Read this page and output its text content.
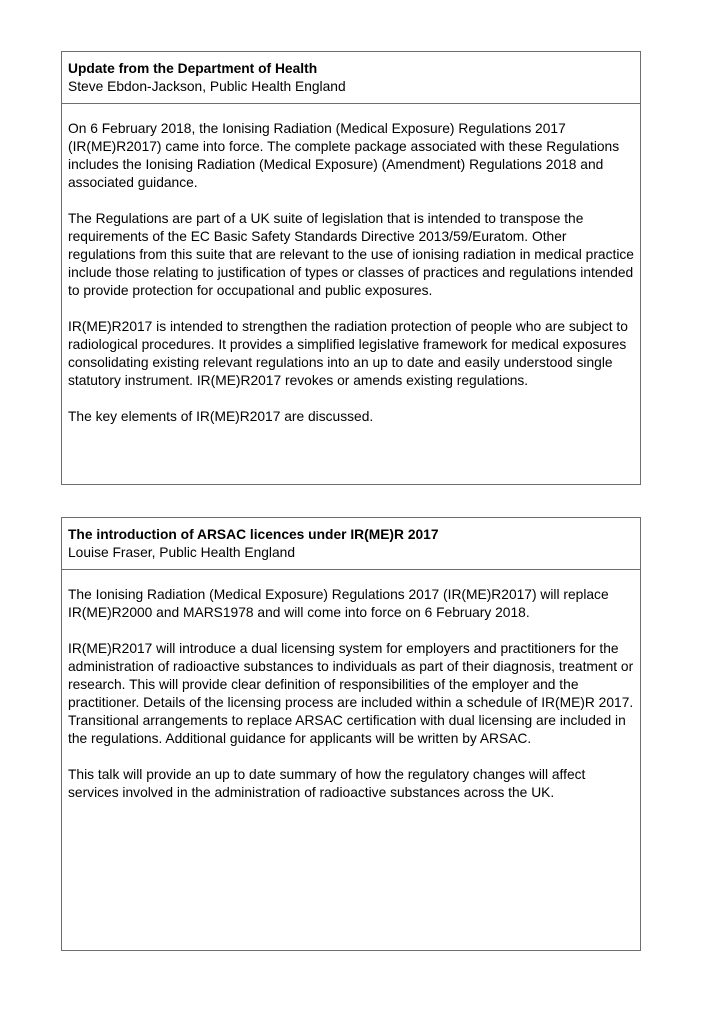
Update from the Department of Health
Steve Ebdon-Jackson, Public Health England

On 6 February 2018, the Ionising Radiation (Medical Exposure) Regulations 2017 (IR(ME)R2017) came into force. The complete package associated with these Regulations includes the Ionising Radiation (Medical Exposure) (Amendment) Regulations 2018 and associated guidance.

The Regulations are part of a UK suite of legislation that is intended to transpose the requirements of the EC Basic Safety Standards Directive 2013/59/Euratom. Other regulations from this suite that are relevant to the use of ionising radiation in medical practice include those relating to justification of types or classes of practices and regulations intended to provide protection for occupational and public exposures.

IR(ME)R2017 is intended to strengthen the radiation protection of people who are subject to radiological procedures. It provides a simplified legislative framework for medical exposures consolidating existing relevant regulations into an up to date and easily understood single statutory instrument. IR(ME)R2017 revokes or amends existing regulations.

The key elements of IR(ME)R2017 are discussed.

The introduction of ARSAC licences under IR(ME)R 2017
Louise Fraser, Public Health England

The Ionising Radiation (Medical Exposure) Regulations 2017 (IR(ME)R2017) will replace IR(ME)R2000 and MARS1978 and will come into force on 6 February 2018.

IR(ME)R2017 will introduce a dual licensing system for employers and practitioners for the administration of radioactive substances to individuals as part of their diagnosis, treatment or research. This will provide clear definition of responsibilities of the employer and the practitioner. Details of the licensing process are included within a schedule of IR(ME)R 2017. Transitional arrangements to replace ARSAC certification with dual licensing are included in the regulations. Additional guidance for applicants will be written by ARSAC.

This talk will provide an up to date summary of how the regulatory changes will affect services involved in the administration of radioactive substances across the UK.
